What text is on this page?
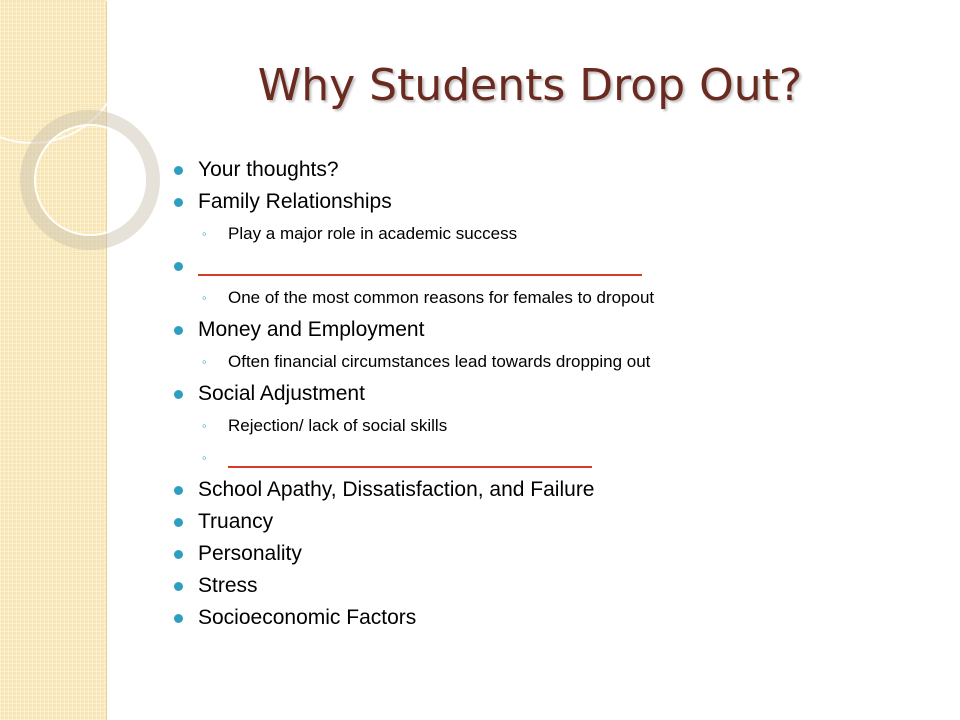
Why Students Drop Out?
Your thoughts?
Family Relationships
◦ Play a major role in academic success
◦ One of the most common reasons for females to dropout
Money and Employment
◦ Often financial circumstances lead towards dropping out
Social Adjustment
◦ Rejection/ lack of social skills
◦
School Apathy, Dissatisfaction, and Failure
Truancy
Personality
Stress
Socioeconomic Factors
